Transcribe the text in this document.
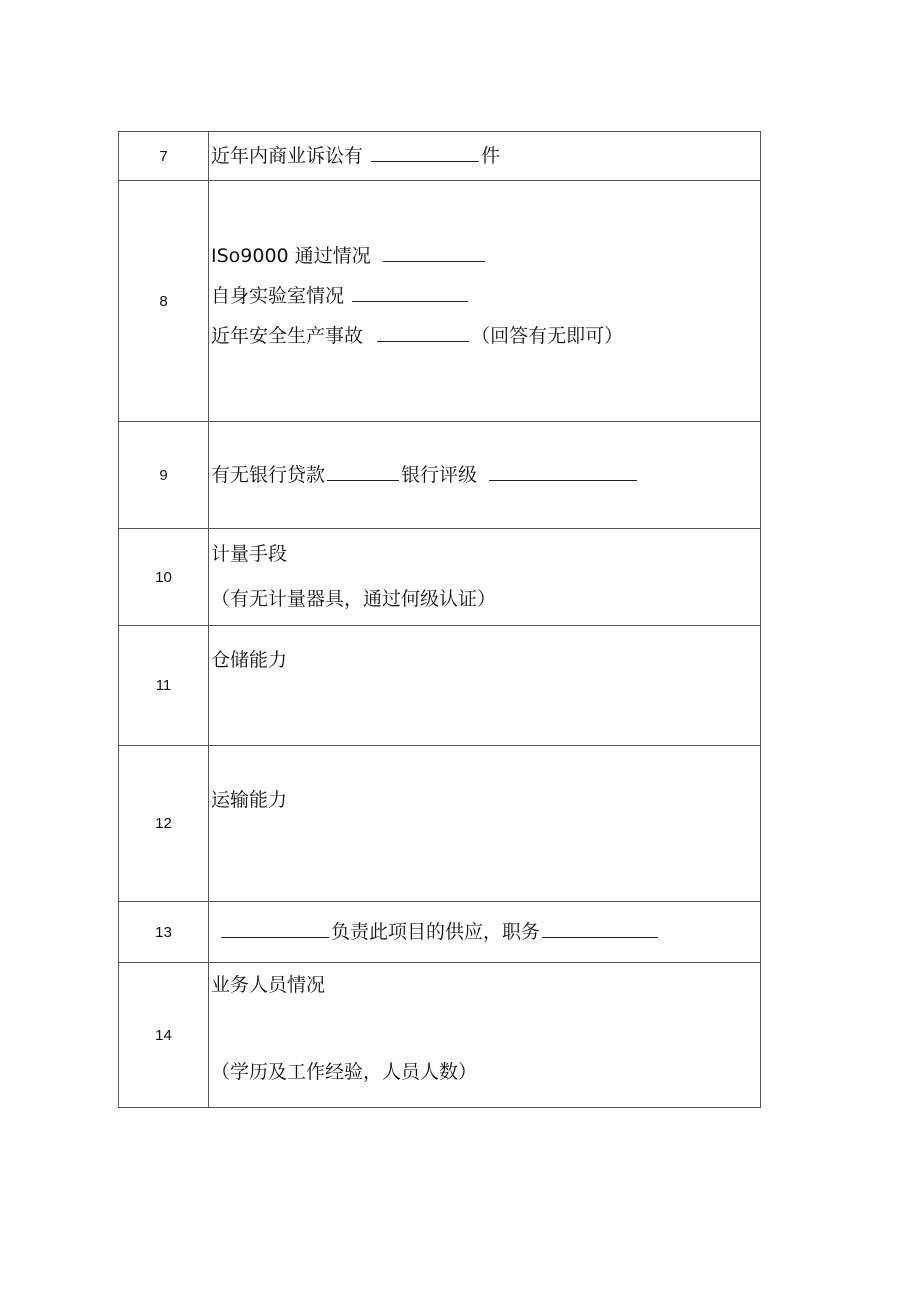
7	近年内商业诉讼有 件

8	ISo9000 通过情况
自身实验室情况
近年安全生产事故 （回答有无即可）

9	有无银行贷款 银行评级

10	计量手段
（有无计量器具，通过何级认证）

11	仓储能力

12	运输能力

13	负责此项目的供应，职务

14	业务人员情况
（学历及工作经验，人员人数）
